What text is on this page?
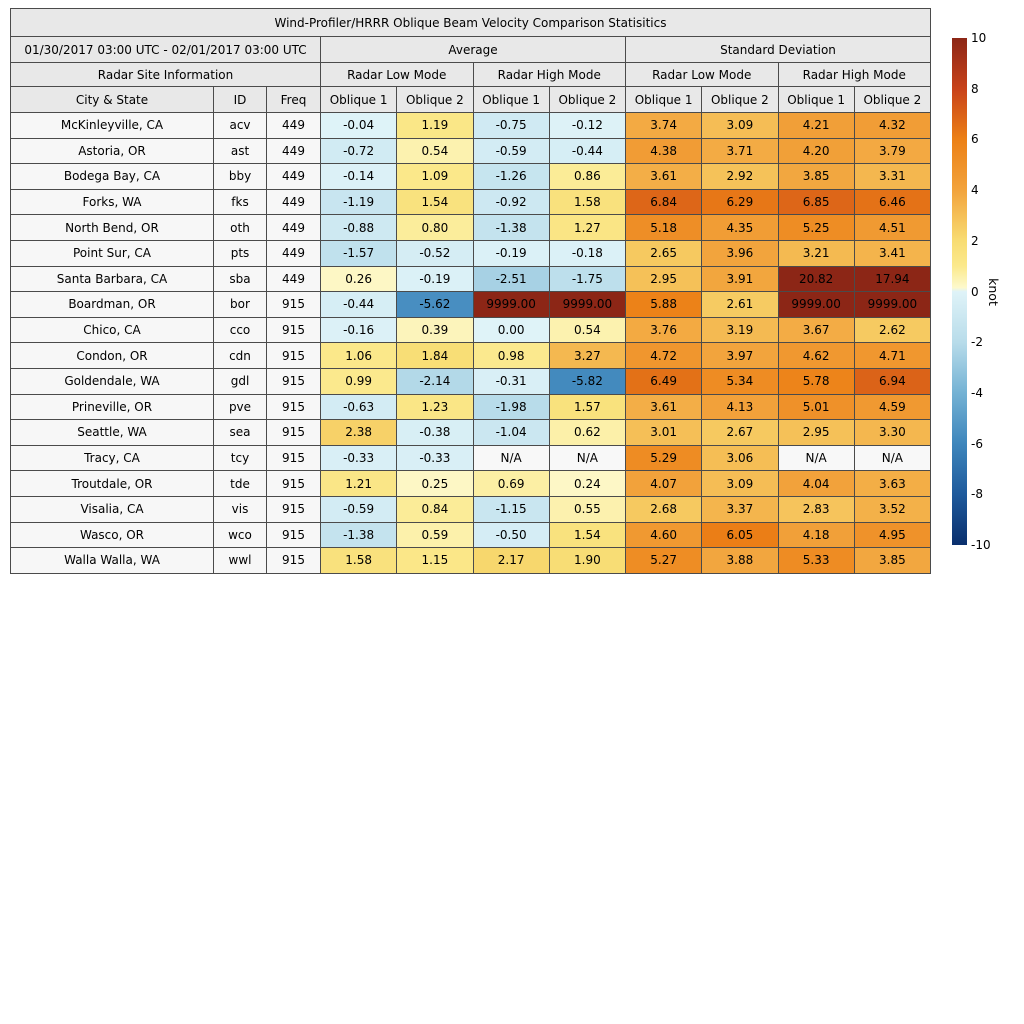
Wind-Profiler/HRRR Oblique Beam Velocity Comparison Statisitics										
01/30/2017 03:00 UTC - 02/01/2017 03:00 UTC			Average				Standard Deviation			
Radar Site Information			Radar Low Mode		Radar High Mode		Radar Low Mode		Radar High Mode	
City & State	ID	Freq	Oblique 1	Oblique 2	Oblique 1	Oblique 2	Oblique 1	Oblique 2	Oblique 1	Oblique 2
McKinleyville, CA	acv	449	-0.04	1.19	-0.75	-0.12	3.74	3.09	4.21	4.32
Astoria, OR	ast	449	-0.72	0.54	-0.59	-0.44	4.38	3.71	4.20	3.79
Bodega Bay, CA	bby	449	-0.14	1.09	-1.26	0.86	3.61	2.92	3.85	3.31
Forks, WA	fks	449	-1.19	1.54	-0.92	1.58	6.84	6.29	6.85	6.46
North Bend, OR	oth	449	-0.88	0.80	-1.38	1.27	5.18	4.35	5.25	4.51
Point Sur, CA	pts	449	-1.57	-0.52	-0.19	-0.18	2.65	3.96	3.21	3.41
Santa Barbara, CA	sba	449	0.26	-0.19	-2.51	-1.75	2.95	3.91	20.82	17.94
Boardman, OR	bor	915	-0.44	-5.62	9999.00	9999.00	5.88	2.61	9999.00	9999.00
Chico, CA	cco	915	-0.16	0.39	0.00	0.54	3.76	3.19	3.67	2.62
Condon, OR	cdn	915	1.06	1.84	0.98	3.27	4.72	3.97	4.62	4.71
Goldendale, WA	gdl	915	0.99	-2.14	-0.31	-5.82	6.49	5.34	5.78	6.94
Prineville, OR	pve	915	-0.63	1.23	-1.98	1.57	3.61	4.13	5.01	4.59
Seattle, WA	sea	915	2.38	-0.38	-1.04	0.62	3.01	2.67	2.95	3.30
Tracy, CA	tcy	915	-0.33	-0.33	N/A	N/A	5.29	3.06	N/A	N/A
Troutdale, OR	tde	915	1.21	0.25	0.69	0.24	4.07	3.09	4.04	3.63
Visalia, CA	vis	915	-0.59	0.84	-1.15	0.55	2.68	3.37	2.83	3.52
Wasco, OR	wco	915	-1.38	0.59	-0.50	1.54	4.60	6.05	4.18	4.95
Walla Walla, WA	wwl	915	1.58	1.15	2.17	1.90	5.27	3.88	5.33	3.85
10
8
6
4
2
0
-2
-4
-6
-8
-10
knot
